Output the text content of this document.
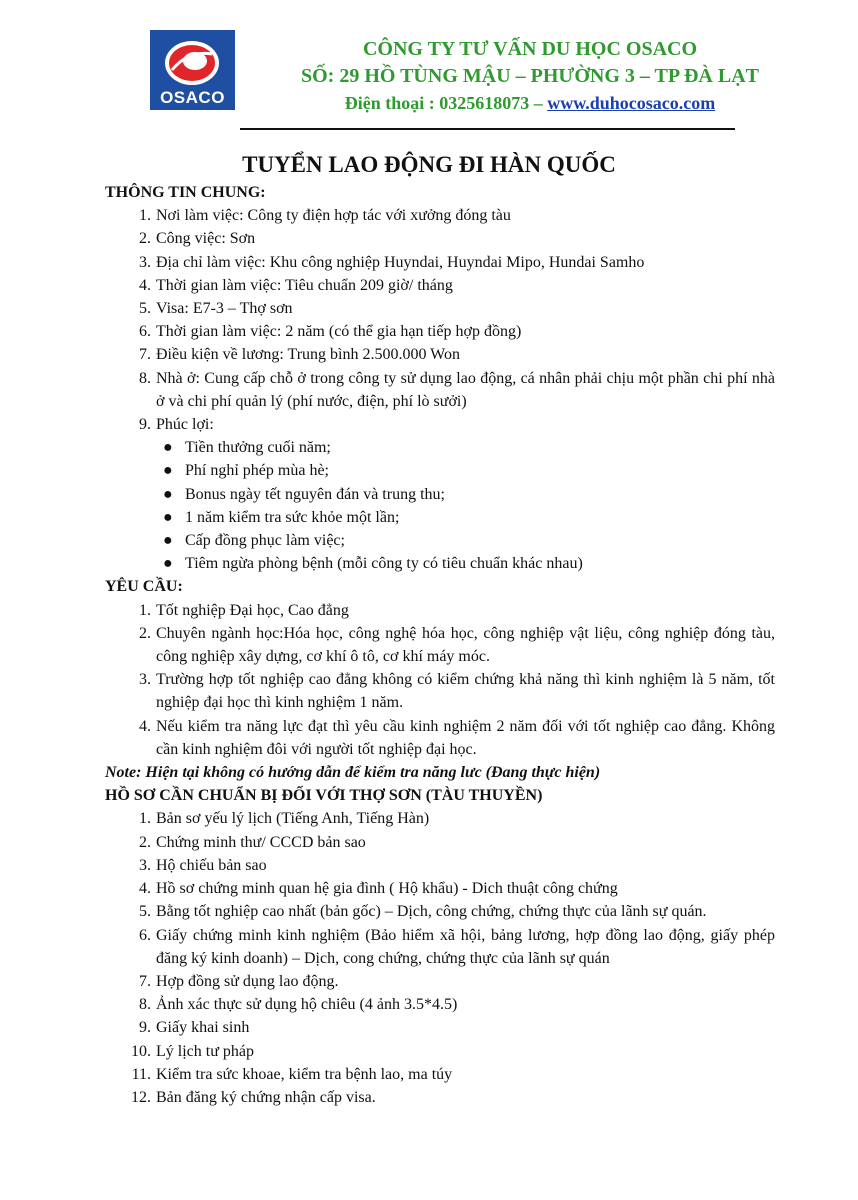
OSACO
CÔNG TY TƯ VẤN DU HỌC OSACO
SỐ: 29 HỒ TÙNG MẬU – PHƯỜNG 3 – TP ĐÀ LẠT
Điện thoại : 0325618073 – www.duhocosaco.com
TUYỂN LAO ĐỘNG ĐI HÀN QUỐC
THÔNG TIN CHUNG:
1. Nơi làm việc: Công ty điện hợp tác với xưởng đóng tàu
2. Công việc: Sơn
3. Địa chỉ làm việc: Khu công nghiệp Huyndai, Huyndai Mipo, Hundai Samho
4. Thời gian làm việc: Tiêu chuẩn 209 giờ/ tháng
5. Visa: E7-3 – Thợ sơn
6. Thời gian làm việc: 2 năm (có thể gia hạn tiếp hợp đồng)
7. Điều kiện về lương: Trung bình 2.500.000 Won
8. Nhà ở: Cung cấp chỗ ở trong công ty sử dụng lao động, cá nhân phải chịu một phần chi phí nhà ở và chi phí quản lý (phí nước, điện, phí lò sưởi)
9. Phúc lợi:
● Tiền thưởng cuối năm;
● Phí nghỉ phép mùa hè;
● Bonus ngày tết nguyên đán và trung thu;
● 1 năm kiểm tra sức khỏe một lần;
● Cấp đồng phục làm việc;
● Tiêm ngừa phòng bệnh (mỗi công ty có tiêu chuẩn khác nhau)
YÊU CẦU:
1. Tốt nghiệp Đại học, Cao đẳng
2. Chuyên ngành học:Hóa học, công nghệ hóa học, công nghiệp vật liệu, công nghiệp đóng tàu, công nghiệp xây dựng, cơ khí ô tô, cơ khí máy móc.
3. Trường hợp tốt nghiệp cao đẳng không có kiểm chứng khả năng thì kinh nghiệm là 5 năm, tốt nghiệp đại học thì kinh nghiệm 1 năm.
4. Nếu kiểm tra năng lực đạt thì yêu cầu kinh nghiệm 2 năm đối với tốt nghiệp cao đẳng. Không cần kinh nghiệm đôi với người tốt nghiệp đại học.
Note: Hiện tại không có hướng dẫn để kiểm tra năng lưc (Đang thực hiện)
HỒ SƠ CẦN CHUẨN BỊ ĐỐI VỚI THỢ SƠN (TÀU THUYỀN)
1. Bản sơ yếu lý lịch (Tiếng Anh, Tiếng Hàn)
2. Chứng minh thư/ CCCD bản sao
3. Hộ chiếu bản sao
4. Hồ sơ chứng minh quan hệ gia đình ( Hộ khẩu) - Dich thuật công chứng
5. Bằng tốt nghiệp cao nhất (bản gốc) – Dịch, công chứng, chứng thực của lãnh sự quán.
6. Giấy chứng minh kinh nghiệm (Bảo hiểm xã hội, bảng lương, hợp đồng lao động, giấy phép đăng ký kinh doanh) – Dịch, cong chứng, chứng thực của lãnh sự quán
7. Hợp đồng sử dụng lao động.
8. Ảnh xác thực sử dụng hộ chiêu (4 ảnh 3.5*4.5)
9. Giấy khai sinh
10. Lý lịch tư pháp
11. Kiểm tra sức khoae, kiểm tra bệnh lao, ma túy
12. Bản đăng ký chứng nhận cấp visa.
